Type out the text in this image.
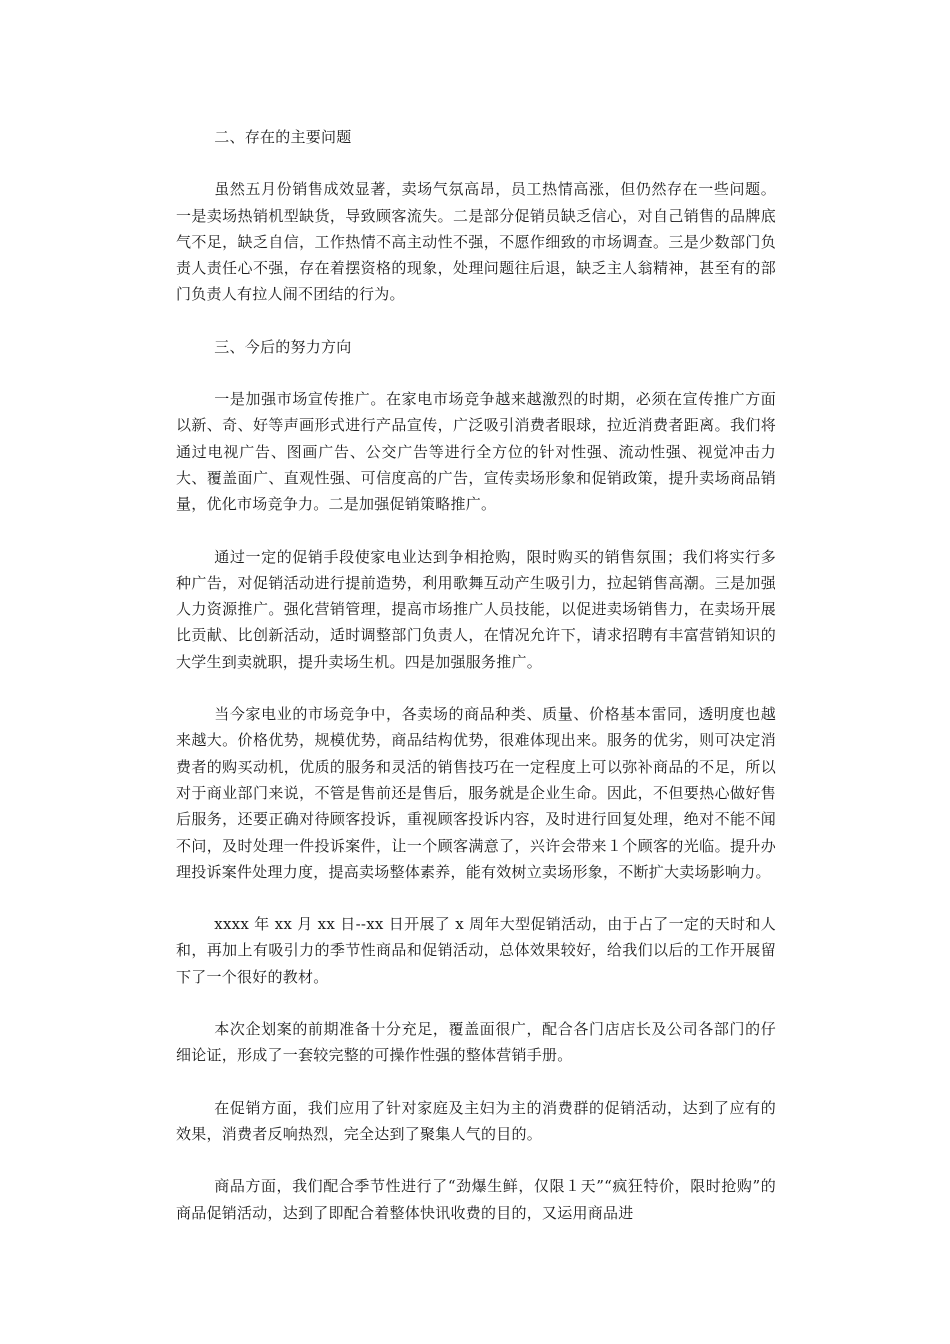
二、存在的主要问题

虽然五月份销售成效显著，卖场气氛高昂，员工热情高涨，但仍然存在一些问题。一是卖场热销机型缺货，导致顾客流失。二是部分促销员缺乏信心，对自己销售的品牌底气不足，缺乏自信，工作热情不高主动性不强，不愿作细致的市场调查。三是少数部门负责人责任心不强，存在着摆资格的现象，处理问题往后退，缺乏主人翁精神，甚至有的部门负责人有拉人闹不团结的行为。

三、今后的努力方向

一是加强市场宣传推广。在家电市场竞争越来越激烈的时期，必须在宣传推广方面以新、奇、好等声画形式进行产品宣传，广泛吸引消费者眼球，拉近消费者距离。我们将通过电视广告、图画广告、公交广告等进行全方位的针对性强、流动性强、视觉冲击力大、覆盖面广、直观性强、可信度高的广告，宣传卖场形象和促销政策，提升卖场商品销量，优化市场竞争力。二是加强促销策略推广。

通过一定的促销手段使家电业达到争相抢购，限时购买的销售氛围；我们将实行多种广告，对促销活动进行提前造势，利用歌舞互动产生吸引力，拉起销售高潮。三是加强人力资源推广。强化营销管理，提高市场推广人员技能，以促进卖场销售力，在卖场开展比贡献、比创新活动，适时调整部门负责人，在情况允许下，请求招聘有丰富营销知识的大学生到卖就职，提升卖场生机。四是加强服务推广。

当今家电业的市场竞争中，各卖场的商品种类、质量、价格基本雷同，透明度也越来越大。价格优势，规模优势，商品结构优势，很难体现出来。服务的优劣，则可决定消费者的购买动机，优质的服务和灵活的销售技巧在一定程度上可以弥补商品的不足，所以对于商业部门来说，不管是售前还是售后，服务就是企业生命。因此，不但要热心做好售后服务，还要正确对待顾客投诉，重视顾客投诉内容，及时进行回复处理，绝对不能不闻不问，及时处理一件投诉案件，让一个顾客满意了，兴许会带来１个顾客的光临。提升办理投诉案件处理力度，提高卖场整体素养，能有效树立卖场形象，不断扩大卖场影响力。

xxxx 年 xx 月 xx 日--xx 日开展了 x 周年大型促销活动，由于占了一定的天时和人和，再加上有吸引力的季节性商品和促销活动，总体效果较好，给我们以后的工作开展留下了一个很好的教材。

本次企划案的前期准备十分充足，覆盖面很广，配合各门店店长及公司各部门的仔细论证，形成了一套较完整的可操作性强的整体营销手册。

在促销方面，我们应用了针对家庭及主妇为主的消费群的促销活动，达到了应有的效果，消费者反响热烈，完全达到了聚集人气的目的。

商品方面，我们配合季节性进行了“劲爆生鲜，仅限１天”“疯狂特价，限时抢购”的商品促销活动，达到了即配合着整体快讯收费的目的，又运用商品进
